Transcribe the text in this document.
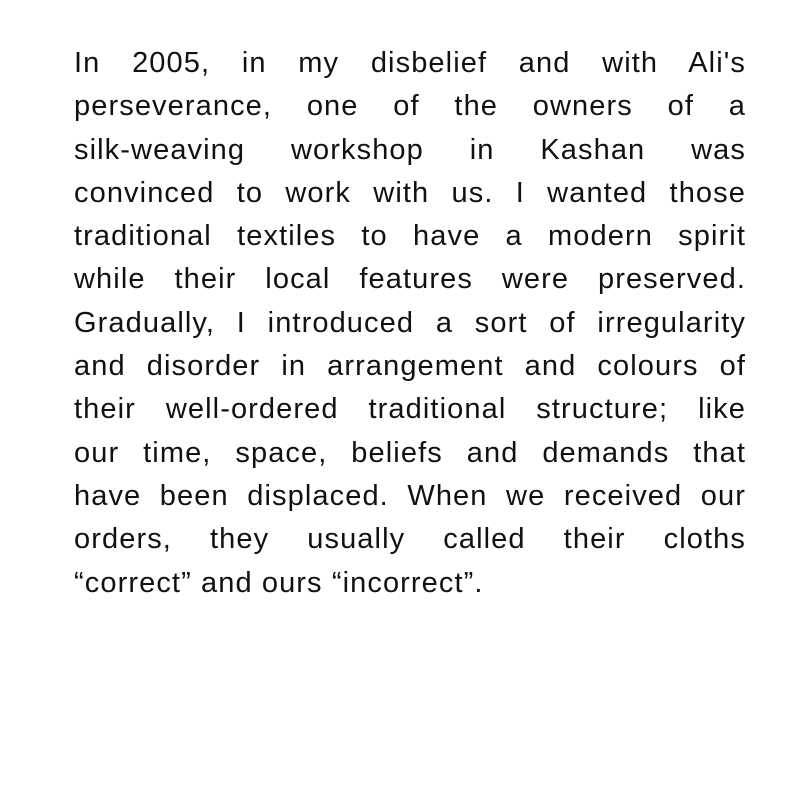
In 2005, in my disbelief and with Ali's
perseverance, one of the owners of a
silk-weaving workshop in Kashan was
convinced to work with us. I wanted those
traditional textiles to have a modern spirit
while their local features were preserved.
Gradually, I introduced a sort of irregularity
and disorder in arrangement and colours of
their well-ordered traditional structure; like
our time, space, beliefs and demands that
have been displaced. When we received our
orders, they usually called their cloths
“correct” and ours “incorrect”.
